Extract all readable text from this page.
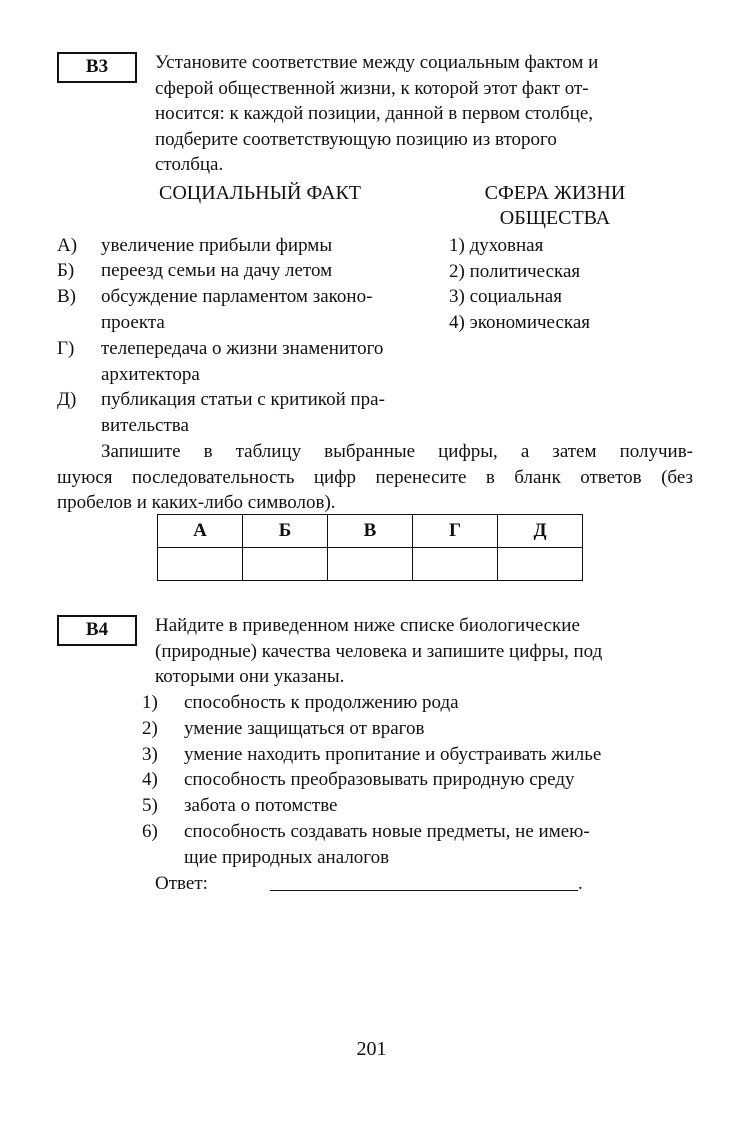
В3	Установите соответствие между социальным фактом и
сферой общественной жизни, к которой этот факт от-
носится: к каждой позиции, данной в первом столбце,
подберите соответствующую позицию из второго
столбца.
СОЦИАЛЬНЫЙ ФАКТ	СФЕРА ЖИЗНИ
ОБЩЕСТВА
А)	увеличение прибыли фирмы
Б)	переезд семьи на дачу летом
В)	обсуждение парламентом законо-
проекта
Г)	телепередача о жизни знаменитого
архитектора
Д)	публикация статьи с критикой пра-
вительства
1) духовная
2) политическая
3) социальная
4) экономическая
Запишите в таблицу выбранные цифры, а затем получив-
шуюся последовательность цифр перенесите в бланк ответов (без
пробелов и каких-либо символов).
А	Б	В	Г	Д

В4	Найдите в приведенном ниже списке биологические
(природные) качества человека и запишите цифры, под
которыми они указаны.
1)	способность к продолжению рода
2)	умение защищаться от врагов
3)	умение находить пропитание и обустраивать жилье
4)	способность преобразовывать природную среду
5)	забота о потомстве
6)	способность создавать новые предметы, не имею-
щие природных аналогов
Ответ:	.
201
